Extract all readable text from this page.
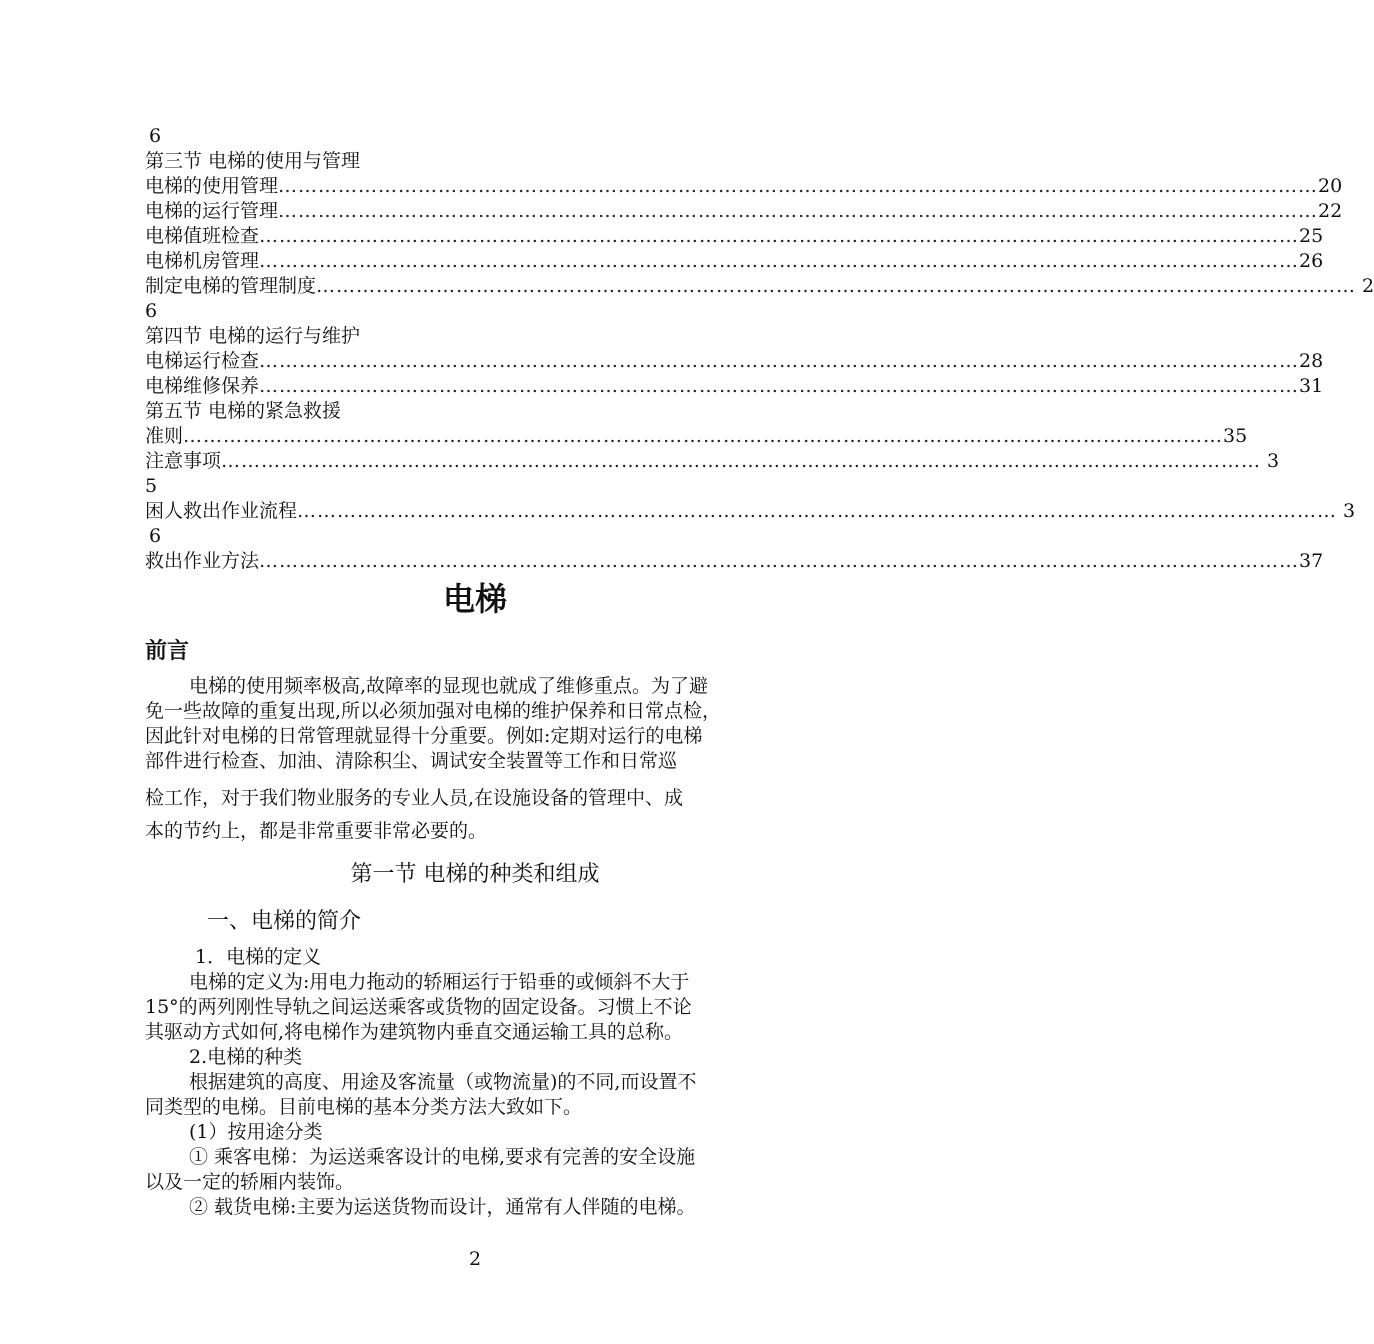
6
第三节 电梯的使用与管理
电梯的使用管理 ………………………………………………………………………………………………………………………………………… 20
电梯的运行管理 ………………………………………………………………………………………………………………………………………… 22
电梯值班检查 ………………………………………………………………………………………………………………………………………… 25
电梯机房管理 ………………………………………………………………………………………………………………………………………… 26
制定电梯的管理制度 ………………………………………………………………………………………………………………………………………… 2
6
第四节 电梯的运行与维护
电梯运行检查 ………………………………………………………………………………………………………………………………………… 28
电梯维修保养 ………………………………………………………………………………………………………………………………………… 31
第五节 电梯的紧急救援
准则 ………………………………………………………………………………………………………………………………………… 35
注意事项 ………………………………………………………………………………………………………………………………………… 3
5
困人救出作业流程 ………………………………………………………………………………………………………………………………………… 3
6
救出作业方法 ………………………………………………………………………………………………………………………………………… 37
电梯
前言
电梯的使用频率极高,故障率的显现也就成了维修重点。为了避
免一些故障的重复出现,所以必须加强对电梯的维护保养和日常点检，
因此针对电梯的日常管理就显得十分重要。例如:定期对运行的电梯
部件进行检查、加油、清除积尘、调试安全装置等工作和日常巡
检工作，对于我们物业服务的专业人员,在设施设备的管理中、成
本的节约上，都是非常重要非常必要的。
第一节 电梯的种类和组成
一、电梯的简介
1．电梯的定义
电梯的定义为:用电力拖动的轿厢运行于铅垂的或倾斜不大于
15°的两列刚性导轨之间运送乘客或货物的固定设备。习惯上不论
其驱动方式如何,将电梯作为建筑物内垂直交通运输工具的总称。
2.电梯的种类
根据建筑的高度、用途及客流量（或物流量)的不同,而设置不
同类型的电梯。目前电梯的基本分类方法大致如下。
(1）按用途分类
① 乘客电梯：为运送乘客设计的电梯,要求有完善的安全设施
以及一定的轿厢内装饰。
② 载货电梯:主要为运送货物而设计，通常有人伴随的电梯。
2
